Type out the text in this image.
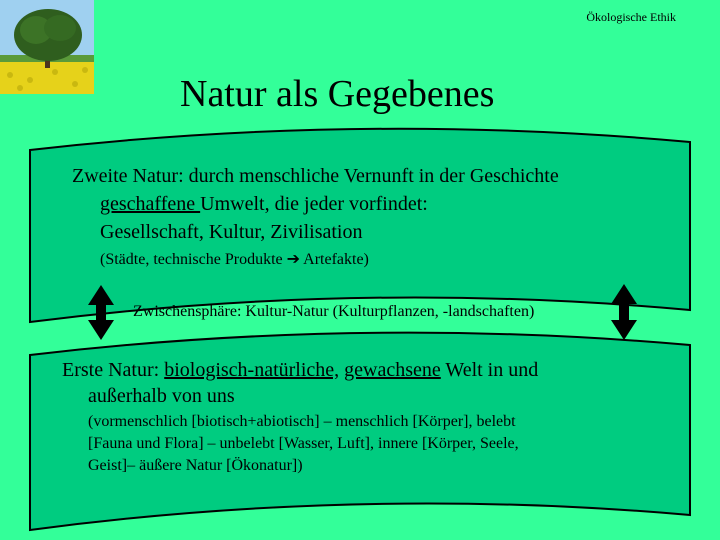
Ökologische Ethik
Natur als Gegebenes
Zweite Natur: durch menschliche Vernunft in der Geschichte
geschaffene Umwelt, die jeder vorfindet:
Gesellschaft, Kultur, Zivilisation
(Städte, technische Produkte ➔ Artefakte)
Zwischensphäre: Kultur-Natur (Kulturpflanzen, -landschaften)
Erste Natur: biologisch-natürliche, gewachsene Welt in und
außerhalb von uns
(vormenschlich [biotisch+abiotisch] – menschlich [Körper], belebt
[Fauna und Flora] – unbelebt [Wasser, Luft], innere [Körper, Seele,
Geist]– äußere Natur [Ökonatur])
